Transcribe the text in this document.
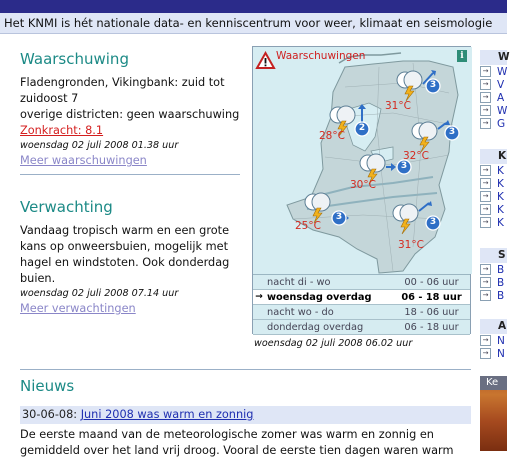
Het KNMI is hét nationale data- en kenniscentrum voor weer, klimaat en seismologie
Waarschuwing
Fladengronden, Vikingbank: zuid tot zuidoost 7
overige districten: geen waarschuwing
Zonkracht: 8.1
woensdag 02 juli 2008 01.38 uur
Meer waarschuwingen
Verwachting
Vandaag tropisch warm en een grote kans op onweersbuien, mogelijk met hagel en windstoten. Ook donderdag buien.
woensdag 02 juli 2008 07.14 uur
Meer verwachtingen
Waarschuwingen	i
3
2	3
3
3	3
31°C
28°C
32°C
30°C
25°C
31°C
nacht di - wo	00 - 06 uur
→ woensdag overdag	06 - 18 uur
nacht wo - do	18 - 06 uur
donderdag overdag	06 - 18 uur
woensdag 02 juli 2008 06.02 uur
Nieuws
30-06-08: Juni 2008 was warm en zonnig
De eerste maand van de meteorologische zomer was warm en zonnig en gemiddeld over het land vrij droog. Vooral de eerste tien dagen waren warm
W
→ W
→ V
→ A
→ W
→ G
K
→ K
→ K
→ K
→ K
→ K
S
→ B
→ B
→ B
A
→ N
→ N
Ke
